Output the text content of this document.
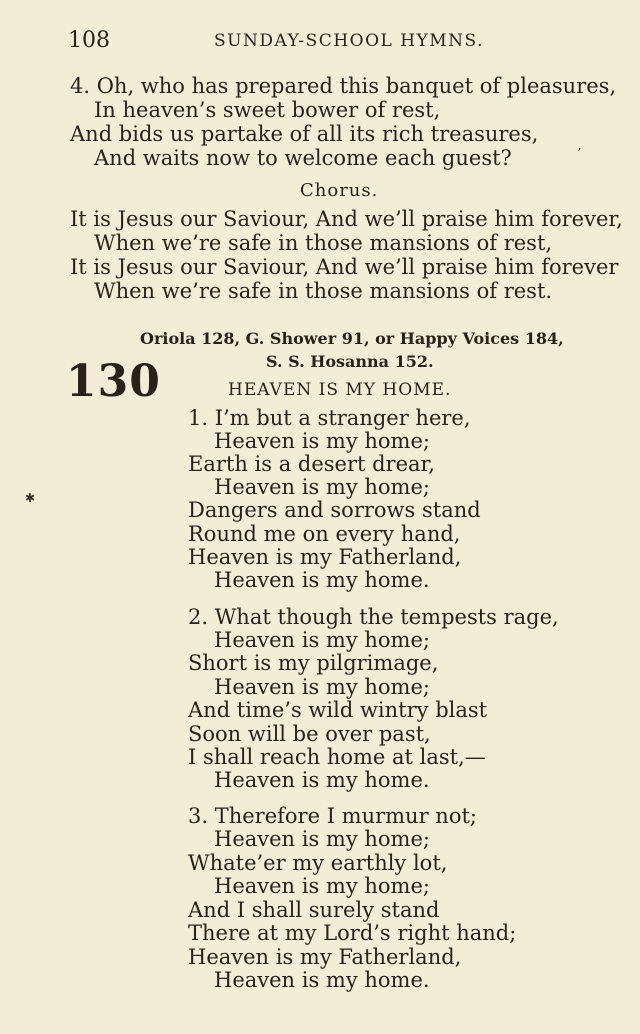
108	SUNDAY-SCHOOL HYMNS.
4. Oh, who has prepared this banquet of pleasures,
In heaven’s sweet bower of rest,
And bids us partake of all its rich treasures,
And waits now to welcome each guest?
Chorus.
It is Jesus our Saviour, And we’ll praise him forever,
When we’re safe in those mansions of rest,
It is Jesus our Saviour, And we’ll praise him forever
When we’re safe in those mansions of rest.
Oriola 128, G. Shower 91, or Happy Voices 184,
S. S. Hosanna 152.
130	HEAVEN IS MY HOME.
1. I’m but a stranger here,
Heaven is my home;
Earth is a desert drear,
Heaven is my home;
Dangers and sorrows stand
Round me on every hand,
Heaven is my Fatherland,
Heaven is my home.
2. What though the tempests rage,
Heaven is my home;
Short is my pilgrimage,
Heaven is my home;
And time’s wild wintry blast
Soon will be over past,
I shall reach home at last,—
Heaven is my home.
3. Therefore I murmur not;
Heaven is my home;
Whate’er my earthly lot,
Heaven is my home;
And I shall surely stand
There at my Lord’s right hand;
Heaven is my Fatherland,
Heaven is my home.
✱
ʼ
